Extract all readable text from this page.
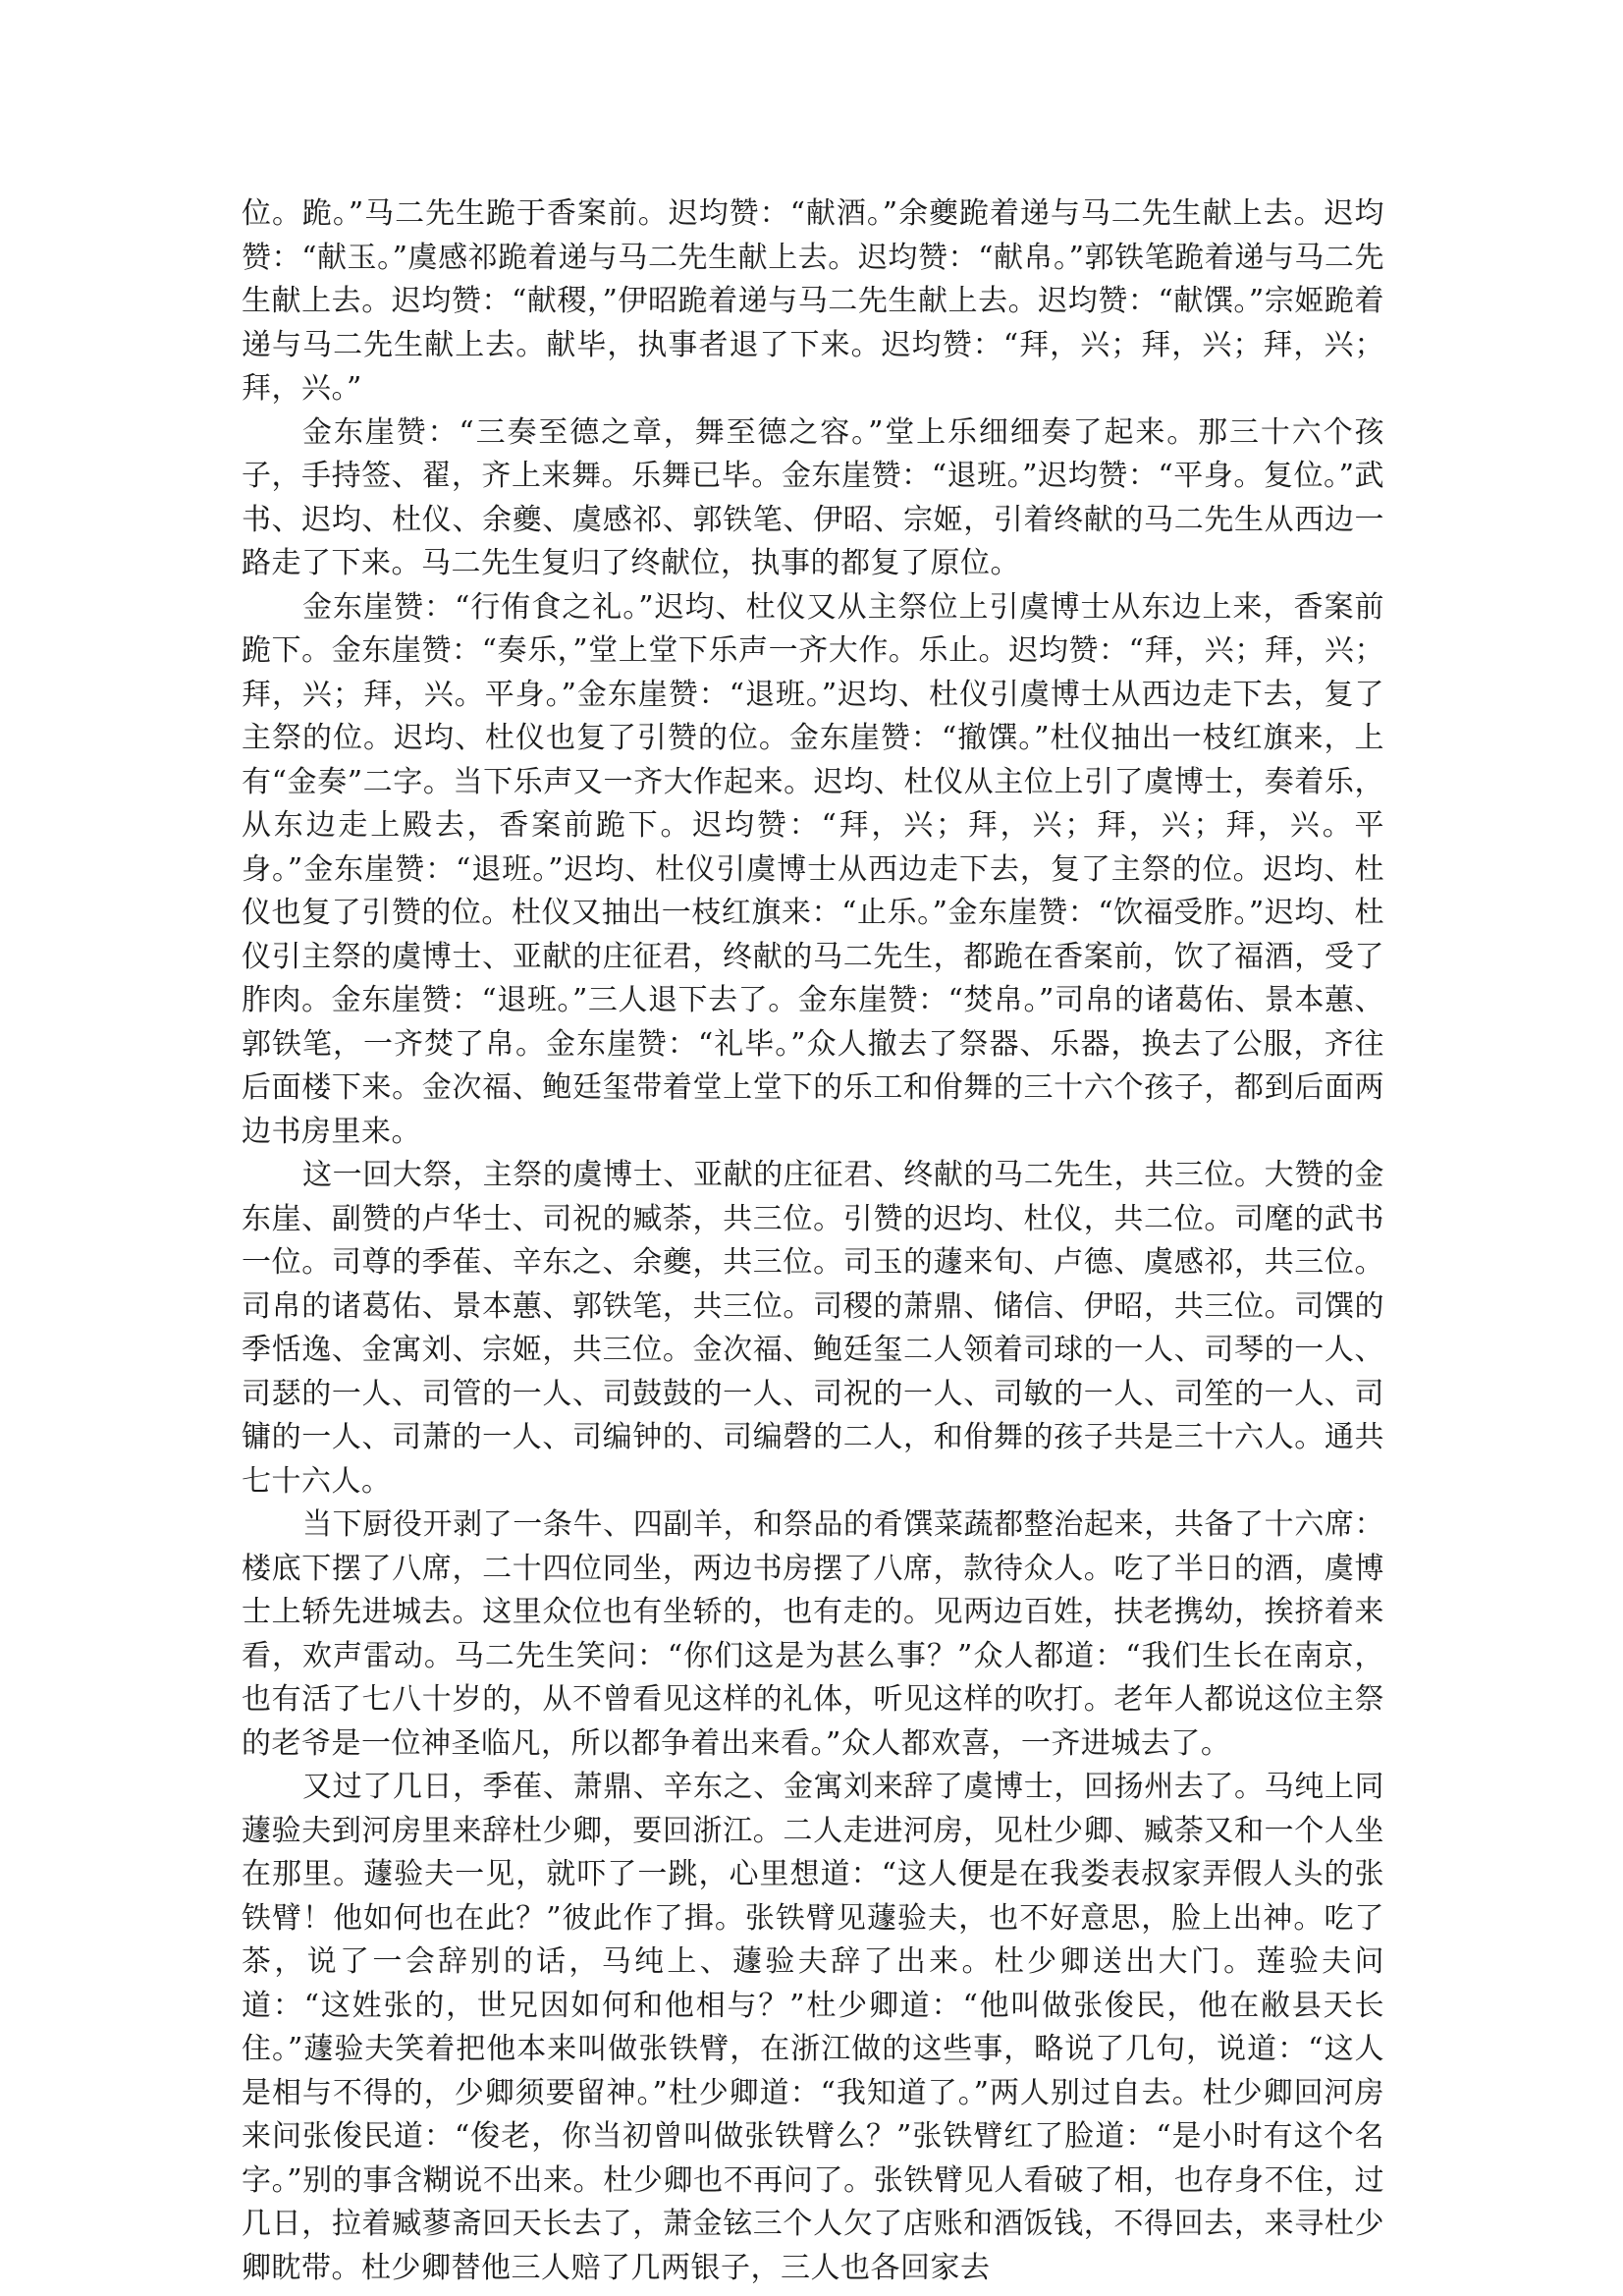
位。跪。”马二先生跪于香案前。迟均赞：“献酒。”余夔跪着递与马二先生献上去。迟均赞：“献玉。”虞感祁跪着递与马二先生献上去。迟均赞：“献帛。”郭铁笔跪着递与马二先生献上去。迟均赞：“献稷，”伊昭跪着递与马二先生献上去。迟均赞：“献馔。”宗姬跪着递与马二先生献上去。献毕，执事者退了下来。迟均赞：“拜，兴；拜，兴；拜，兴；拜，兴。”

金东崖赞：“三奏至德之章，舞至德之容。”堂上乐细细奏了起来。那三十六个孩子，手持签、翟，齐上来舞。乐舞已毕。金东崖赞：“退班。”迟均赞：“平身。复位。”武书、迟均、杜仪、余夔、虞感祁、郭铁笔、伊昭、宗姬，引着终献的马二先生从西边一路走了下来。马二先生复归了终献位，执事的都复了原位。

金东崖赞：“行侑食之礼。”迟均、杜仪又从主祭位上引虞博士从东边上来，香案前跪下。金东崖赞：“奏乐，”堂上堂下乐声一齐大作。乐止。迟均赞：“拜，兴；拜，兴；拜，兴；拜，兴。平身。”金东崖赞：“退班。”迟均、杜仪引虞博士从西边走下去，复了主祭的位。迟均、杜仪也复了引赞的位。金东崖赞：“撤馔。”杜仪抽出一枝红旗来，上有“金奏”二字。当下乐声又一齐大作起来。迟均、杜仪从主位上引了虞博士，奏着乐，从东边走上殿去，香案前跪下。迟均赞：“拜，兴；拜，兴；拜，兴；拜，兴。平身。”金东崖赞：“退班。”迟均、杜仪引虞博士从西边走下去，复了主祭的位。迟均、杜仪也复了引赞的位。杜仪又抽出一枝红旗来：“止乐。”金东崖赞：“饮福受胙。”迟均、杜仪引主祭的虞博士、亚献的庄征君，终献的马二先生，都跪在香案前，饮了福酒，受了胙肉。金东崖赞：“退班。”三人退下去了。金东崖赞：“焚帛。”司帛的诸葛佑、景本蕙、郭铁笔，一齐焚了帛。金东崖赞：“礼毕。”众人撤去了祭器、乐器，换去了公服，齐往后面楼下来。金次福、鲍廷玺带着堂上堂下的乐工和佾舞的三十六个孩子，都到后面两边书房里来。

这一回大祭，主祭的虞博士、亚献的庄征君、终献的马二先生，共三位。大赞的金东崖、副赞的卢华士、司祝的臧荼，共三位。引赞的迟均、杜仪，共二位。司麾的武书一位。司尊的季萑、辛东之、余夔，共三位。司玉的蘧来旬、卢德、虞感祁，共三位。司帛的诸葛佑、景本蕙、郭铁笔，共三位。司稷的萧鼎、储信、伊昭，共三位。司馔的季恬逸、金寓刘、宗姬，共三位。金次福、鲍廷玺二人领着司球的一人、司琴的一人、司瑟的一人、司管的一人、司鼓鼓的一人、司祝的一人、司敏的一人、司笙的一人、司镛的一人、司萧的一人、司编钟的、司编磬的二人，和佾舞的孩子共是三十六人。通共七十六人。

当下厨役开剥了一条牛、四副羊，和祭品的肴馔菜蔬都整治起来，共备了十六席：楼底下摆了八席，二十四位同坐，两边书房摆了八席，款待众人。吃了半日的酒，虞博士上轿先进城去。这里众位也有坐轿的，也有走的。见两边百姓，扶老携幼，挨挤着来看，欢声雷动。马二先生笑问：“你们这是为甚么事？”众人都道：“我们生长在南京，也有活了七八十岁的，从不曾看见这样的礼体，听见这样的吹打。老年人都说这位主祭的老爷是一位神圣临凡，所以都争着出来看。”众人都欢喜，一齐进城去了。

又过了几日，季萑、萧鼎、辛东之、金寓刘来辞了虞博士，回扬州去了。马纯上同蘧验夫到河房里来辞杜少卿，要回浙江。二人走进河房，见杜少卿、臧荼又和一个人坐在那里。蘧验夫一见，就吓了一跳，心里想道：“这人便是在我娄表叔家弄假人头的张铁臂！他如何也在此？”彼此作了揖。张铁臂见蘧验夫，也不好意思，脸上出神。吃了茶，说了一会辞别的话，马纯上、蘧验夫辞了出来。杜少卿送出大门。莲验夫问道：“这姓张的，世兄因如何和他相与？”杜少卿道：“他叫做张俊民，他在敝县天长住。”蘧验夫笑着把他本来叫做张铁臂，在浙江做的这些事，略说了几句，说道：“这人是相与不得的，少卿须要留神。”杜少卿道：“我知道了。”两人别过自去。杜少卿回河房来问张俊民道：“俊老，你当初曾叫做张铁臂么？”张铁臂红了脸道：“是小时有这个名字。”别的事含糊说不出来。杜少卿也不再问了。张铁臂见人看破了相，也存身不住，过几日，拉着臧蓼斋回天长去了，萧金铉三个人欠了店账和酒饭钱，不得回去，来寻杜少卿眈带。杜少卿替他三人赔了几两银子，三人也各回家去
